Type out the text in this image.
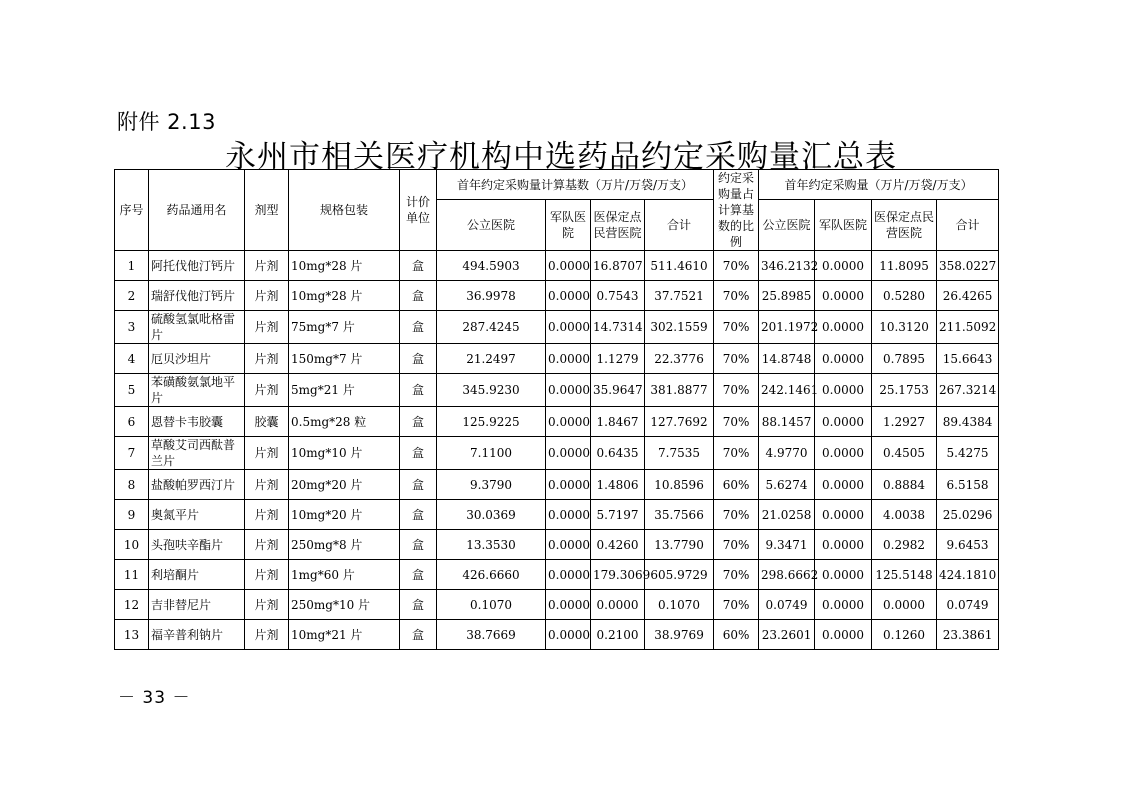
附件 2.13
永州市相关医疗机构中选药品约定采购量汇总表
序号	药品通用名	剂型	规格包装	计价单位	首年约定采购量计算基数（万片/万袋/万支）				约定采购量占计算基数的比例	首年约定采购量（万片/万袋/万支）			
					公立医院	军队医院	医保定点民营医院	合计		公立医院	军队医院	医保定点民营医院	合计
1	阿托伐他汀钙片	片剂	10mg*28 片	盒	494.5903	0.0000	16.8707	511.4610	70%	346.2132	0.0000	11.8095	358.0227
2	瑞舒伐他汀钙片	片剂	10mg*28 片	盒	36.9978	0.0000	0.7543	37.7521	70%	25.8985	0.0000	0.5280	26.4265
3	硫酸氢氯吡格雷片	片剂	75mg*7 片	盒	287.4245	0.0000	14.7314	302.1559	70%	201.1972	0.0000	10.3120	211.5092
4	厄贝沙坦片	片剂	150mg*7 片	盒	21.2497	0.0000	1.1279	22.3776	70%	14.8748	0.0000	0.7895	15.6643
5	苯磺酸氨氯地平片	片剂	5mg*21 片	盒	345.9230	0.0000	35.9647	381.8877	70%	242.1461	0.0000	25.1753	267.3214
6	恩替卡韦胶囊	胶囊	0.5mg*28 粒	盒	125.9225	0.0000	1.8467	127.7692	70%	88.1457	0.0000	1.2927	89.4384
7	草酸艾司西酞普兰片	片剂	10mg*10 片	盒	7.1100	0.0000	0.6435	7.7535	70%	4.9770	0.0000	0.4505	5.4275
8	盐酸帕罗西汀片	片剂	20mg*20 片	盒	9.3790	0.0000	1.4806	10.8596	60%	5.6274	0.0000	0.8884	6.5158
9	奥氮平片	片剂	10mg*20 片	盒	30.0369	0.0000	5.7197	35.7566	70%	21.0258	0.0000	4.0038	25.0296
10	头孢呋辛酯片	片剂	250mg*8 片	盒	13.3530	0.0000	0.4260	13.7790	70%	9.3471	0.0000	0.2982	9.6453
11	利培酮片	片剂	1mg*60 片	盒	426.6660	0.0000	179.3069	605.9729	70%	298.6662	0.0000	125.5148	424.1810
12	吉非替尼片	片剂	250mg*10 片	盒	0.1070	0.0000	0.0000	0.1070	70%	0.0749	0.0000	0.0000	0.0749
13	福辛普利钠片	片剂	10mg*21 片	盒	38.7669	0.0000	0.2100	38.9769	60%	23.2601	0.0000	0.1260	23.3861
－ 33 －
